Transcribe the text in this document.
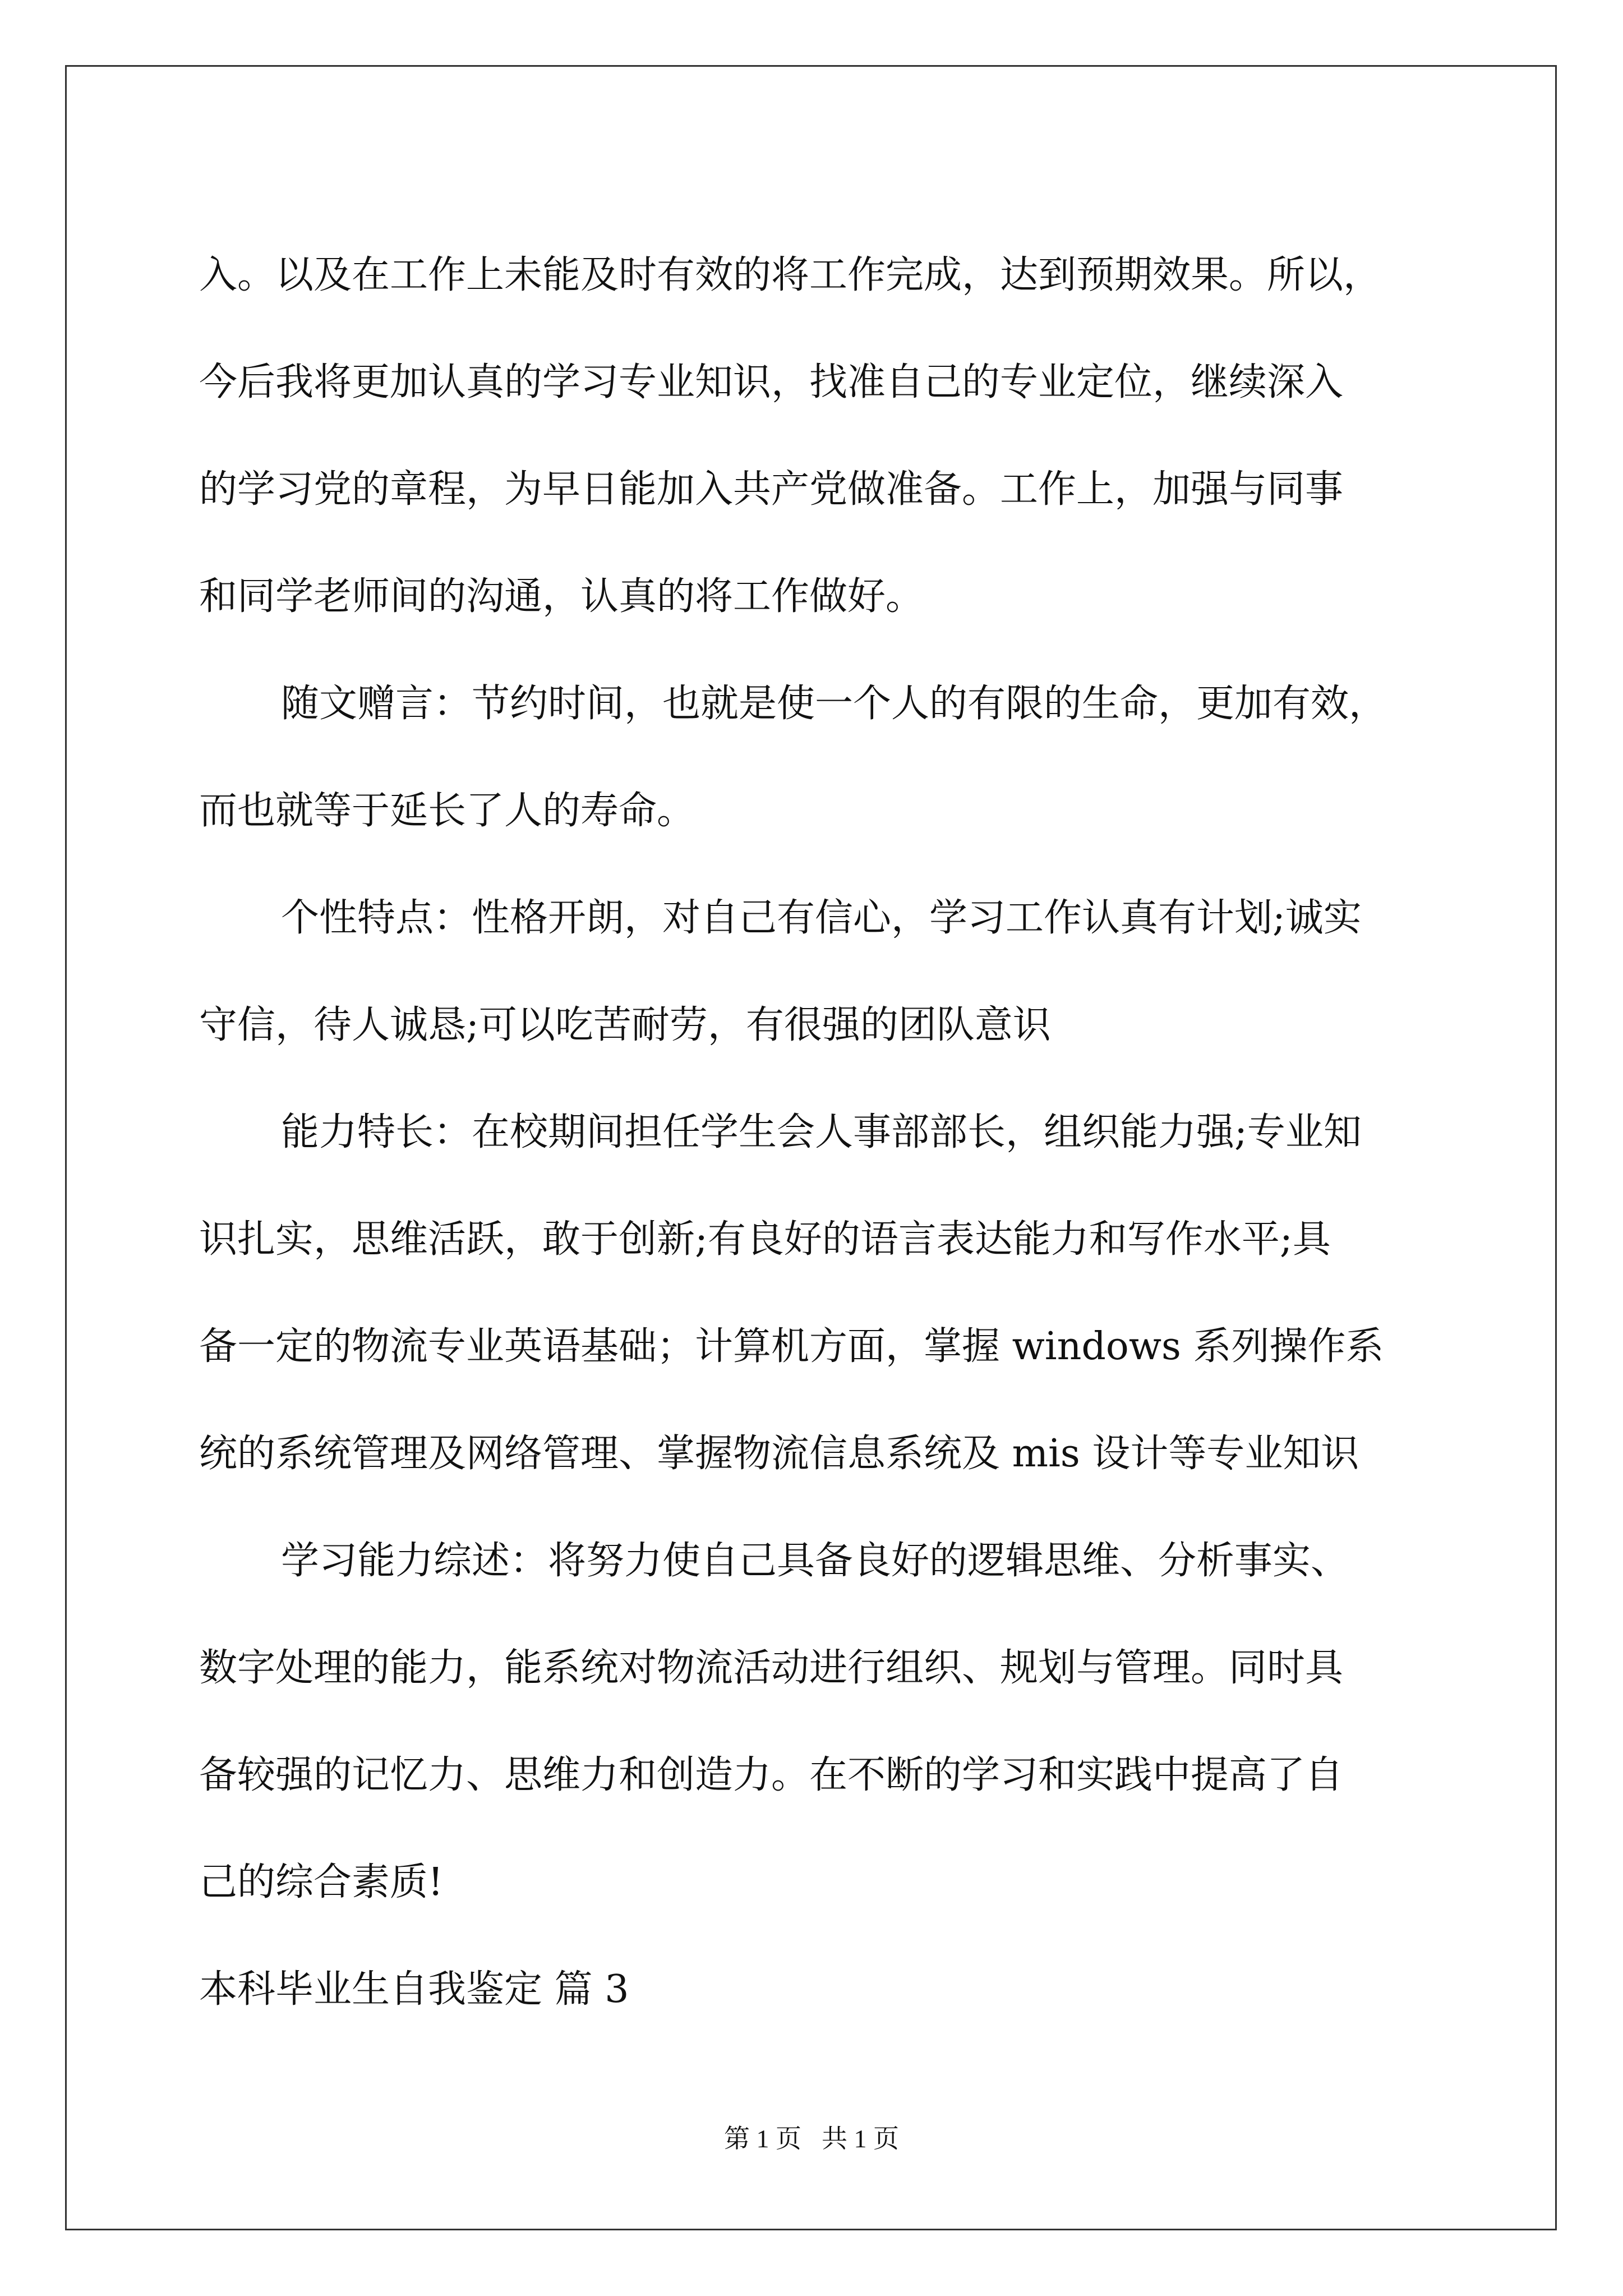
入。以及在工作上未能及时有效的将工作完成，达到预期效果。所以，

今后我将更加认真的学习专业知识，找准自己的专业定位，继续深入

的学习党的章程，为早日能加入共产党做准备。工作上，加强与同事

和同学老师间的沟通，认真的将工作做好。

随文赠言：节约时间，也就是使一个人的有限的生命，更加有效，

而也就等于延长了人的寿命。

个性特点：性格开朗，对自己有信心，学习工作认真有计划;诚实

守信，待人诚恳;可以吃苦耐劳，有很强的团队意识

能力特长：在校期间担任学生会人事部部长，组织能力强;专业知

识扎实，思维活跃，敢于创新;有良好的语言表达能力和写作水平;具

备一定的物流专业英语基础；计算机方面，掌握 windows 系列操作系

统的系统管理及网络管理、掌握物流信息系统及 mis 设计等专业知识

学习能力综述：将努力使自己具备良好的逻辑思维、分析事实、

数字处理的能力，能系统对物流活动进行组织、规划与管理。同时具

备较强的记忆力、思维力和创造力。在不断的学习和实践中提高了自

己的综合素质!

本科毕业生自我鉴定 篇 3

第 1 页 共 1 页
